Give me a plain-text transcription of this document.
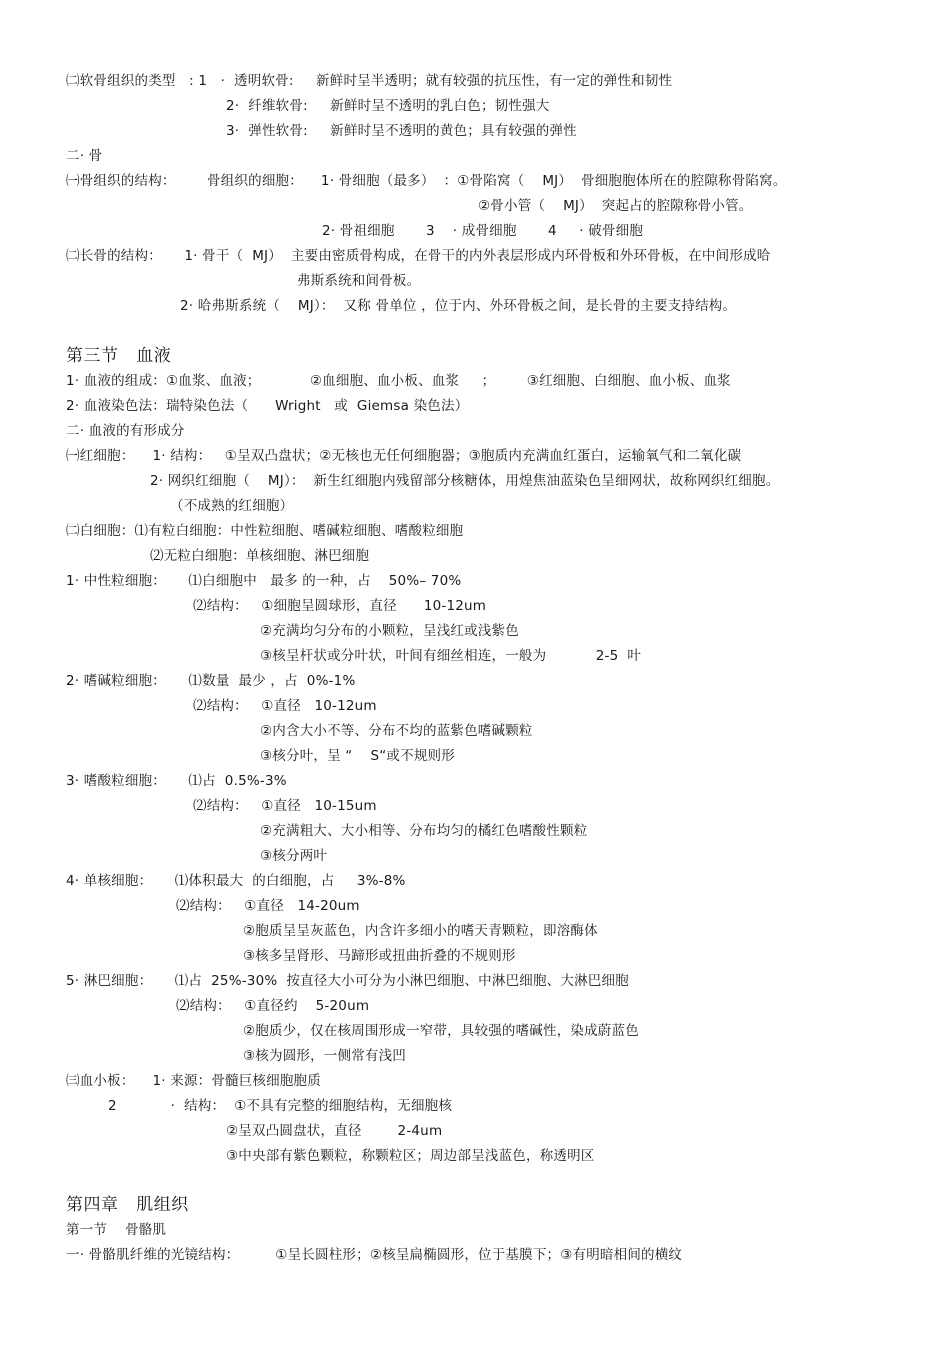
㈡软骨组织的类型   : 1   ·  透明软骨:     新鲜时呈半透明；就有较强的抗压性，有一定的弹性和韧性
2·  纤维软骨:     新鲜时呈不透明的乳白色；韧性强大
3·  弹性软骨:     新鲜时呈不透明的黄色；具有较强的弹性
二· 骨
㈠骨组织的结构：       骨组织的细胞：    1· 骨细胞（最多）  ：①骨陷窝（    MJ）  骨细胞胞体所在的腔隙称骨陷窝。
②骨小管（    MJ）  突起占的腔隙称骨小管。
2· 骨祖细胞       3    · 成骨细胞       4     · 破骨细胞
㈡长骨的结构：     1· 骨干（  MJ）  主要由密质骨构成，在骨干的内外表层形成内环骨板和外环骨板，在中间形成哈
弗斯系统和间骨板。
2· 哈弗斯系统（    MJ）：  又称 骨单位 ，位于内、外环骨板之间，是长骨的主要支持结构。
第三节   血液
1· 血液的组成：①血浆、血液；           ②血细胞、血小板、血浆     ；       ③红细胞、白细胞、血小板、血浆
2· 血液染色法：瑞特染色法（      Wright   或  Giemsa 染色法）
二· 血液的有形成分
㈠红细胞：    1· 结构：   ①呈双凸盘状；②无核也无任何细胞器；③胞质内充满血红蛋白，运输氧气和二氧化碳
2· 网织红细胞（    MJ）：  新生红细胞内残留部分核糖体，用煌焦油蓝染色呈细网状，故称网织红细胞。
（不成熟的红细胞）
㈡白细胞：⑴有粒白细胞：中性粒细胞、嗜碱粒细胞、嗜酸粒细胞
⑵无粒白细胞：单核细胞、淋巴细胞
1· 中性粒细胞：     ⑴白细胞中   最多 的一种，占    50%– 70%
⑵结构：   ①细胞呈圆球形，直径      10-12um
②充满均匀分布的小颗粒，呈浅红或浅紫色
③核呈杆状或分叶状，叶间有细丝相连，一般为           2-5  叶
2· 嗜碱粒细胞：     ⑴数量  最少 ，占  0%-1%
⑵结构：   ①直径   10-12um
②内含大小不等、分布不均的蓝紫色嗜碱颗粒
③核分叶，呈 “    S“或不规则形
3· 嗜酸粒细胞：     ⑴占  0.5%-3%
⑵结构：   ①直径   10-15um
②充满粗大、大小相等、分布均匀的橘红色嗜酸性颗粒
③核分两叶
4· 单核细胞：     ⑴体积最大  的白细胞，占     3%-8%
⑵结构：   ①直径   14-20um
②胞质呈呈灰蓝色，内含许多细小的嗜天青颗粒，即溶酶体
③核多呈肾形、马蹄形或扭曲折叠的不规则形
5· 淋巴细胞：     ⑴占  25%-30%  按直径大小可分为小淋巴细胞、中淋巴细胞、大淋巴细胞
⑵结构：   ①直径约    5-20um
②胞质少，仅在核周围形成一窄带，具较强的嗜碱性，染成蔚蓝色
③核为圆形，一侧常有浅凹
㈢血小板：    1· 来源：骨髓巨核细胞胞质
2            ·  结构：  ①不具有完整的细胞结构，无细胞核
②呈双凸圆盘状，直径        2-4um
③中央部有紫色颗粒，称颗粒区；周边部呈浅蓝色，称透明区
第四章   肌组织
第一节    骨骼肌
一· 骨骼肌纤维的光镜结构：        ①呈长圆柱形；②核呈扁椭圆形，位于基膜下；③有明暗相间的横纹
